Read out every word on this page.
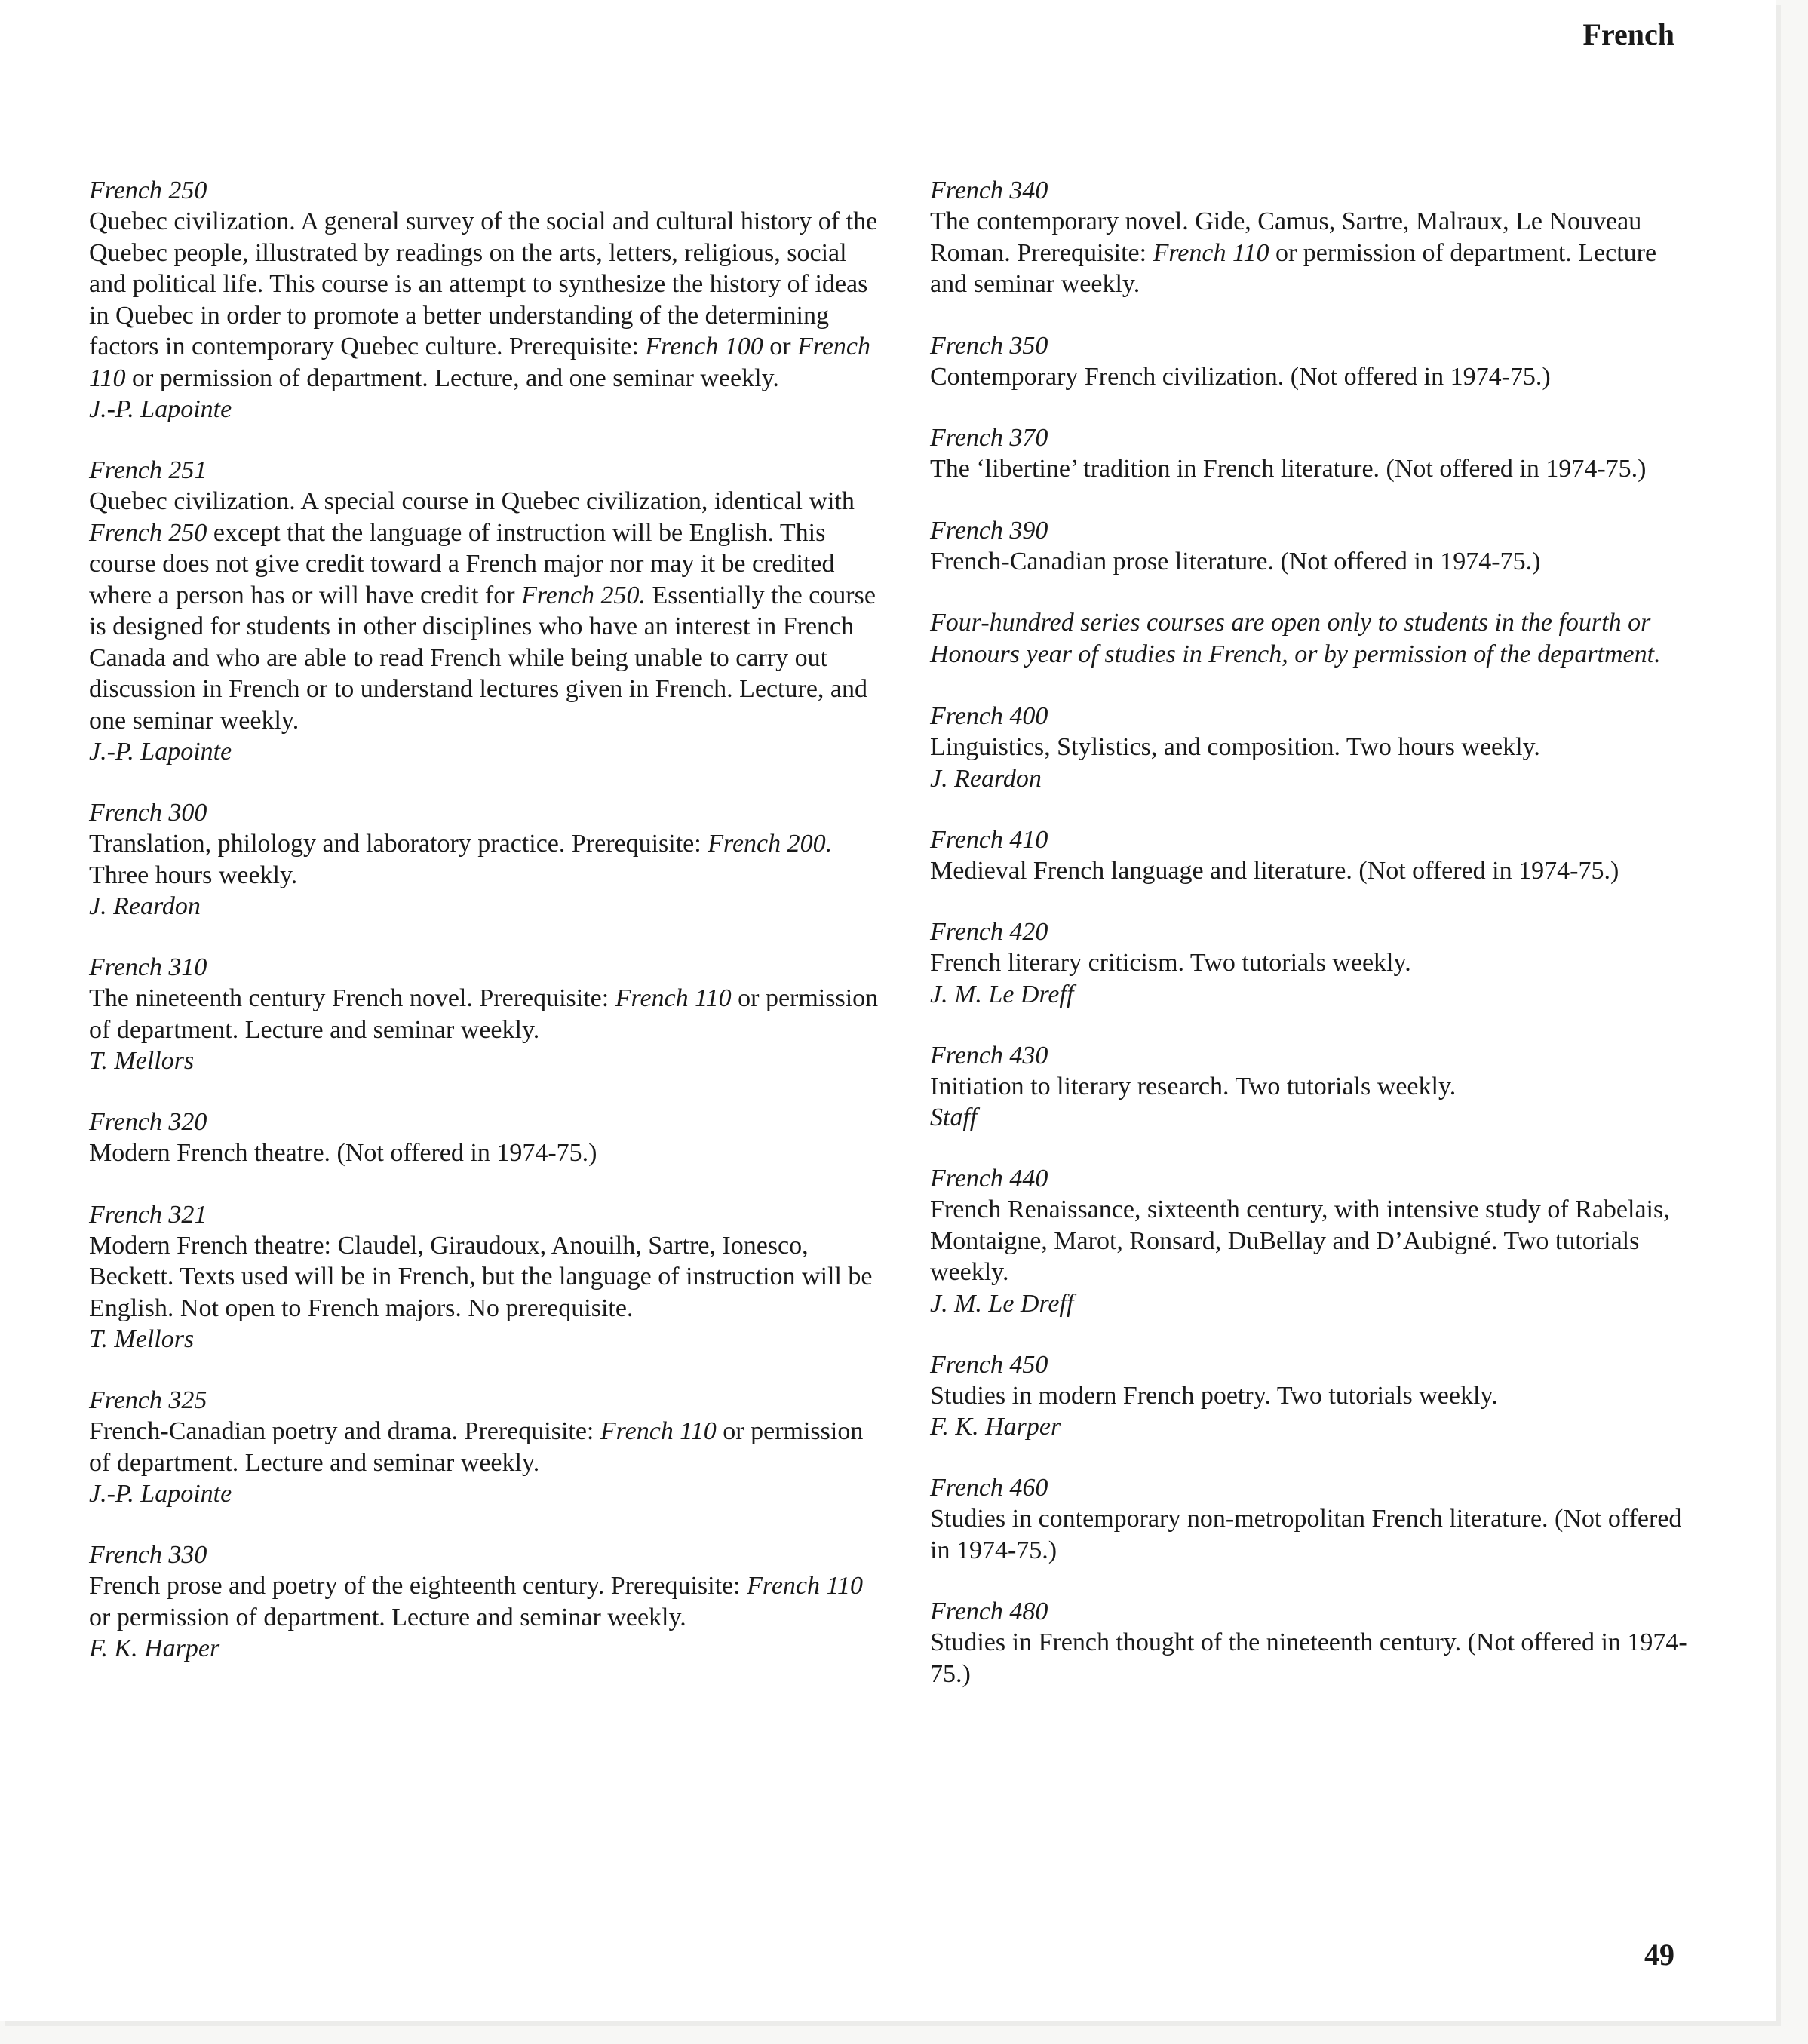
French
French 250
Quebec civilization. A general survey of the social and cultural history of the Quebec people, illustrated by readings on the arts, letters, religious, social and political life. This course is an attempt to synthesize the history of ideas in Quebec in order to promote a better understanding of the determining factors in contemporary Quebec culture. Prerequisite: French 100 or French 110 or permission of department. Lecture, and one seminar weekly.
J.-P. Lapointe
French 251
Quebec civilization. A special course in Quebec civilization, identical with French 250 except that the language of instruction will be English. This course does not give credit toward a French major nor may it be credited where a person has or will have credit for French 250. Essentially the course is designed for students in other disciplines who have an interest in French Canada and who are able to read French while being unable to carry out discussion in French or to understand lectures given in French. Lecture, and one seminar weekly.
J.-P. Lapointe
French 300
Translation, philology and laboratory practice. Prerequisite: French 200. Three hours weekly.
J. Reardon
French 310
The nineteenth century French novel. Prerequisite: French 110 or permission of department. Lecture and seminar weekly.
T. Mellors
French 320
Modern French theatre. (Not offered in 1974-75.)
French 321
Modern French theatre: Claudel, Giraudoux, Anouilh, Sartre, Ionesco, Beckett. Texts used will be in French, but the language of instruction will be English. Not open to French majors. No prerequisite.
T. Mellors
French 325
French-Canadian poetry and drama. Prerequisite: French 110 or permission of department. Lecture and seminar weekly.
J.-P. Lapointe
French 330
French prose and poetry of the eighteenth century. Prerequisite: French 110 or permission of department. Lecture and seminar weekly.
F. K. Harper
French 340
The contemporary novel. Gide, Camus, Sartre, Malraux, Le Nouveau Roman. Prerequisite: French 110 or permission of department. Lecture and seminar weekly.
French 350
Contemporary French civilization. (Not offered in 1974-75.)
French 370
The ‘libertine’ tradition in French literature. (Not offered in 1974-75.)
French 390
French-Canadian prose literature. (Not offered in 1974-75.)
Four-hundred series courses are open only to students in the fourth or Honours year of studies in French, or by permission of the department.
French 400
Linguistics, Stylistics, and composition. Two hours weekly.
J. Reardon
French 410
Medieval French language and literature. (Not offered in 1974-75.)
French 420
French literary criticism. Two tutorials weekly.
J. M. Le Dreff
French 430
Initiation to literary research. Two tutorials weekly.
Staff
French 440
French Renaissance, sixteenth century, with intensive study of Rabelais, Montaigne, Marot, Ronsard, DuBellay and D’Aubigné. Two tutorials weekly.
J. M. Le Dreff
French 450
Studies in modern French poetry. Two tutorials weekly.
F. K. Harper
French 460
Studies in contemporary non-metropolitan French literature. (Not offered in 1974-75.)
French 480
Studies in French thought of the nineteenth century. (Not offered in 1974-75.)
49
